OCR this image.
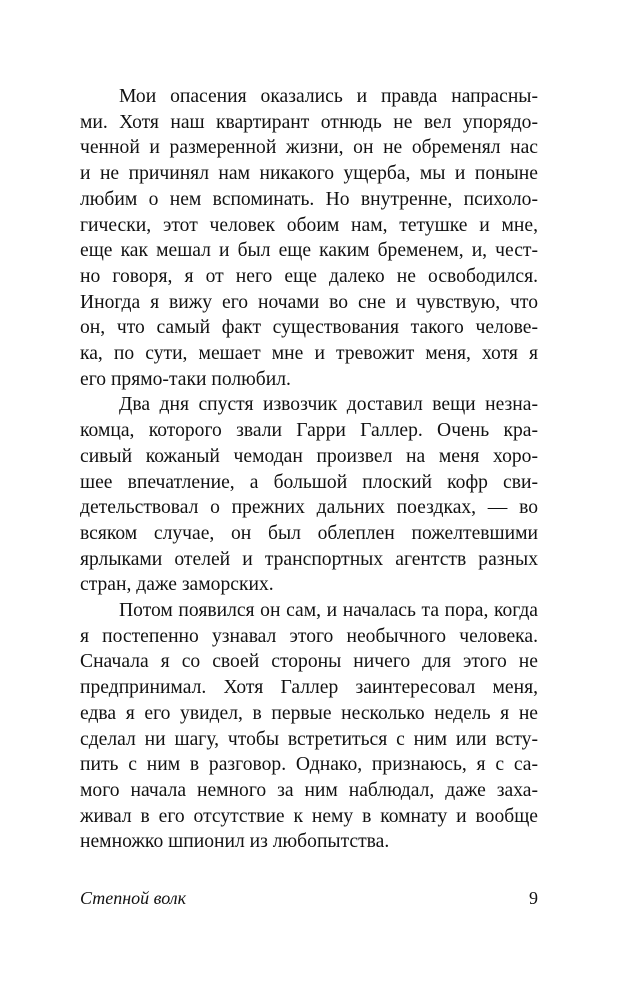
Мои опасения оказались и правда напрасны-
ми. Хотя наш квартирант отнюдь не вел упорядо-
ченной и размеренной жизни, он не обременял нас
и не причинял нам никакого ущерба, мы и поныне
любим о нем вспоминать. Но внутренне, психоло-
гически, этот человек обоим нам, тетушке и мне,
еще как мешал и был еще каким бременем, и, чест-
но говоря, я от него еще далеко не освободился.
Иногда я вижу его ночами во сне и чувствую, что
он, что самый факт существования такого челове-
ка, по сути, мешает мне и тревожит меня, хотя я
его прямо-таки полюбил.
Два дня спустя извозчик доставил вещи незна-
комца, которого звали Гарри Галлер. Очень кра-
сивый кожаный чемодан произвел на меня хоро-
шее впечатление, а большой плоский кофр сви-
детельствовал о прежних дальних поездках, — во
всяком случае, он был облеплен пожелтевшими
ярлыками отелей и транспортных агентств разных
стран, даже заморских.
Потом появился он сам, и началась та пора, когда
я постепенно узнавал этого необычного человека.
Сначала я со своей стороны ничего для этого не
предпринимал. Хотя Галлер заинтересовал меня,
едва я его увидел, в первые несколько недель я не
сделал ни шагу, чтобы встретиться с ним или всту-
пить с ним в разговор. Однако, признаюсь, я с са-
мого начала немного за ним наблюдал, даже заха-
живал в его отсутствие к нему в комнату и вообще
немножко шпионил из любопытства.
Степной волк	9
